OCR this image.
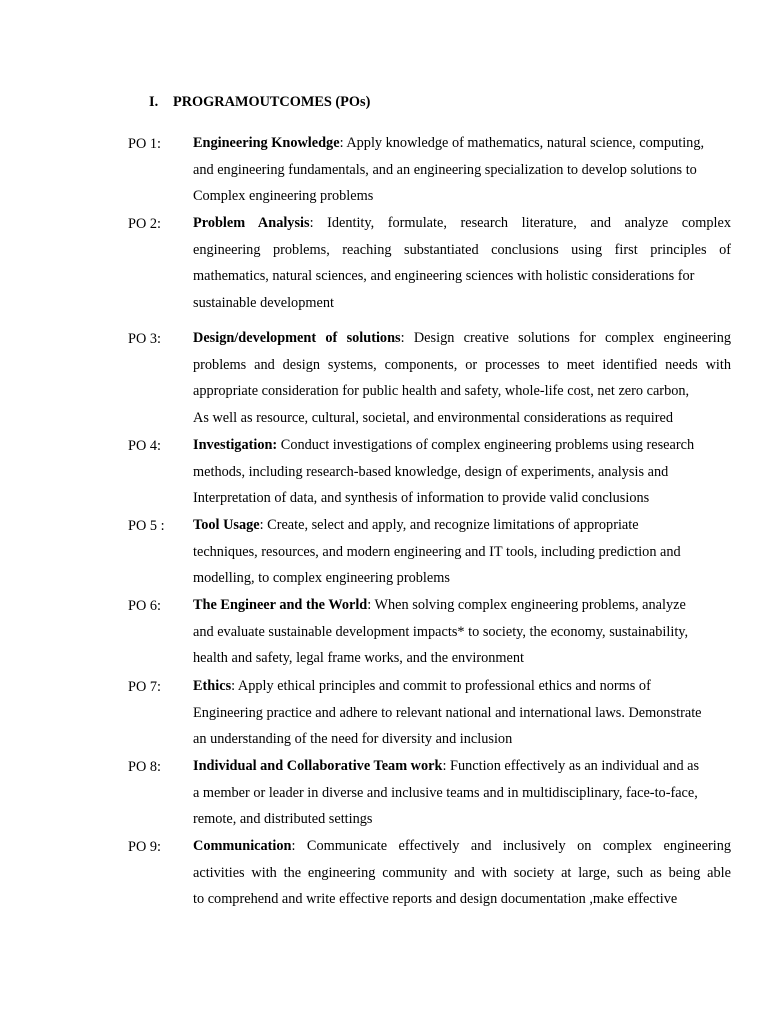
I. PROGRAMOUTCOMES (POs)
PO 1: Engineering Knowledge: Apply knowledge of mathematics, natural science, computing,
and engineering fundamentals, and an engineering specialization to develop solutions to
Complex engineering problems
PO 2: Problem Analysis: Identity, formulate, research literature, and analyze complex
engineering problems, reaching substantiated conclusions using first principles of
mathematics, natural sciences, and engineering sciences with holistic considerations for
sustainable development
PO 3: Design/development of solutions: Design creative solutions for complex engineering
problems and design systems, components, or processes to meet identified needs with
appropriate consideration for public health and safety, whole-life cost, net zero carbon,
As well as resource, cultural, societal, and environmental considerations as required
PO 4: Investigation: Conduct investigations of complex engineering problems using research
methods, including research-based knowledge, design of experiments, analysis and
Interpretation of data, and synthesis of information to provide valid conclusions
PO 5 : Tool Usage: Create, select and apply, and recognize limitations of appropriate
techniques, resources, and modern engineering and IT tools, including prediction and
modelling, to complex engineering problems
PO 6: The Engineer and the World: When solving complex engineering problems, analyze
and evaluate sustainable development impacts* to society, the economy, sustainability,
health and safety, legal frame works, and the environment
PO 7: Ethics: Apply ethical principles and commit to professional ethics and norms of
Engineering practice and adhere to relevant national and international laws. Demonstrate
an understanding of the need for diversity and inclusion
PO 8: Individual and Collaborative Team work: Function effectively as an individual and as
a member or leader in diverse and inclusive teams and in multidisciplinary, face-to-face,
remote, and distributed settings
PO 9: Communication: Communicate effectively and inclusively on complex engineering
activities with the engineering community and with society at large, such as being able
to comprehend and write effective reports and design documentation ,make effective
